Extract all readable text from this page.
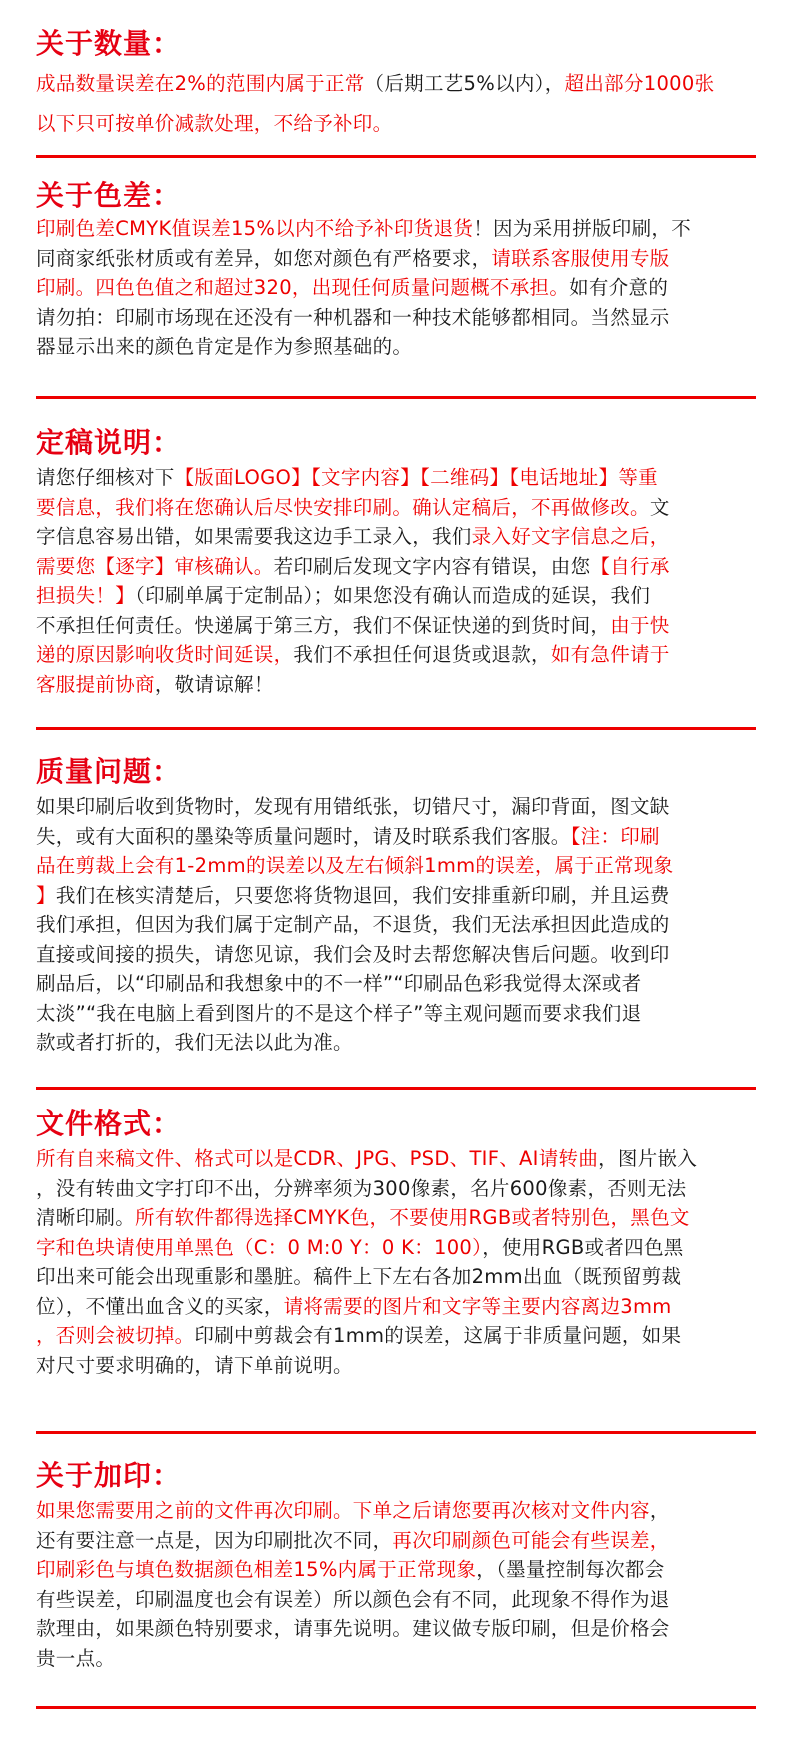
关于数量：
成品数量误差在2%的范围内属于正常（后期工艺5%以内），超出部分1000张
以下只可按单价减款处理，不给予补印。
关于色差：
印刷色差CMYK值误差15%以内不给予补印货退货！因为采用拼版印刷，不
同商家纸张材质或有差异，如您对颜色有严格要求，请联系客服使用专版
印刷。四色色值之和超过320，出现任何质量问题概不承担。如有介意的
请勿拍：印刷市场现在还没有一种机器和一种技术能够都相同。当然显示
器显示出来的颜色肯定是作为参照基础的。
定稿说明：
请您仔细核对下【版面LOGO】【文字内容】【二维码】【电话地址】等重
要信息，我们将在您确认后尽快安排印刷。确认定稿后，不再做修改。文
字信息容易出错，如果需要我这边手工录入，我们录入好文字信息之后，
需要您【逐字】审核确认。若印刷后发现文字内容有错误，由您【自行承
担损失！】（印刷单属于定制品）；如果您没有确认而造成的延误，我们
不承担任何责任。快递属于第三方，我们不保证快递的到货时间，由于快
递的原因影响收货时间延误，我们不承担任何退货或退款，如有急件请于
客服提前协商，敬请谅解！
质量问题：
如果印刷后收到货物时，发现有用错纸张，切错尺寸，漏印背面，图文缺
失，或有大面积的墨染等质量问题时，请及时联系我们客服。【注：印刷
品在剪裁上会有1-2mm的误差以及左右倾斜1mm的误差，属于正常现象
】我们在核实清楚后，只要您将货物退回，我们安排重新印刷，并且运费
我们承担，但因为我们属于定制产品，不退货，我们无法承担因此造成的
直接或间接的损失，请您见谅，我们会及时去帮您解决售后问题。收到印
刷品后，以“印刷品和我想象中的不一样”“印刷品色彩我觉得太深或者
太淡”“我在电脑上看到图片的不是这个样子”等主观问题而要求我们退
款或者打折的，我们无法以此为准。
文件格式：
所有自来稿文件、格式可以是CDR、JPG、PSD、TIF、AI请转曲，图片嵌入
，没有转曲文字打印不出，分辨率须为300像素，名片600像素，否则无法
清晰印刷。所有软件都得选择CMYK色，不要使用RGB或者特别色，黑色文
字和色块请使用单黑色（C：0 M:0 Y：0 K：100），使用RGB或者四色黑
印出来可能会出现重影和墨脏。稿件上下左右各加2mm出血（既预留剪裁
位），不懂出血含义的买家，请将需要的图片和文字等主要内容离边3mm
，否则会被切掉。印刷中剪裁会有1mm的误差，这属于非质量问题，如果
对尺寸要求明确的，请下单前说明。
关于加印：
如果您需要用之前的文件再次印刷。下单之后请您要再次核对文件内容，
还有要注意一点是，因为印刷批次不同，再次印刷颜色可能会有些误差，
印刷彩色与填色数据颜色相差15%内属于正常现象，（墨量控制每次都会
有些误差，印刷温度也会有误差）所以颜色会有不同，此现象不得作为退
款理由，如果颜色特别要求，请事先说明。建议做专版印刷，但是价格会
贵一点。
